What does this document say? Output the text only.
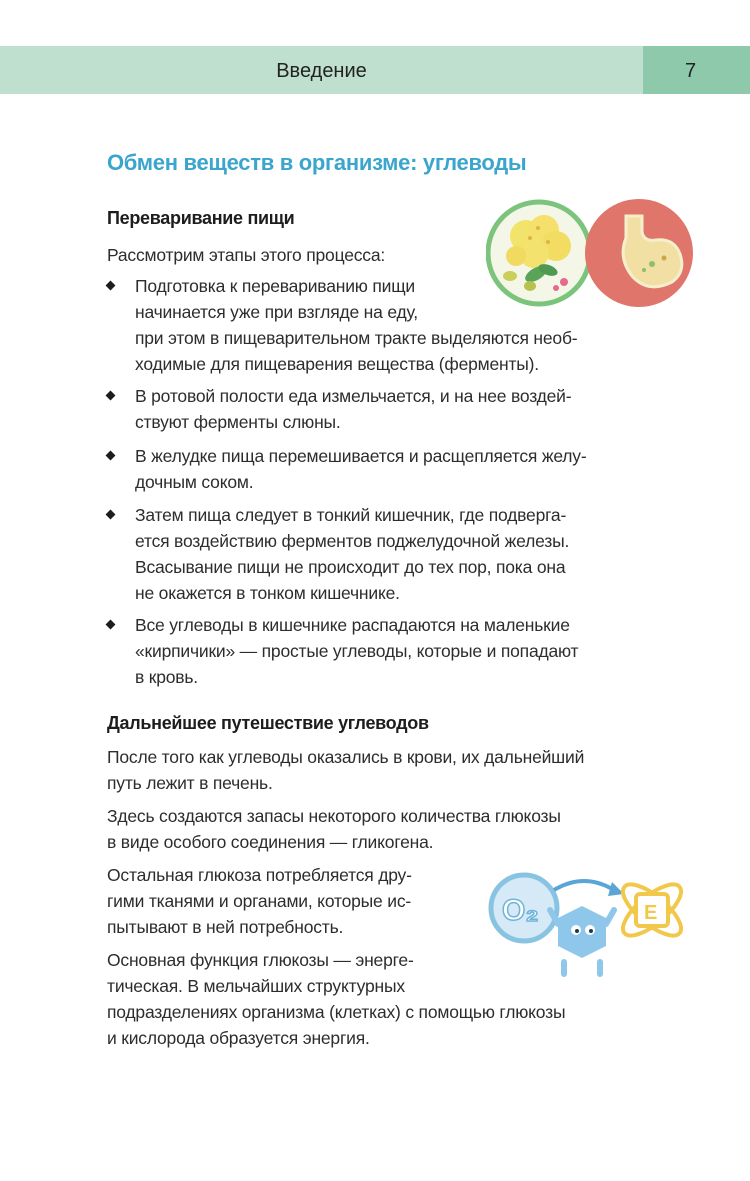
Введение	7
Обмен веществ в организме: углеводы
Переваривание пищи
Рассмотрим этапы этого процесса:
Подготовка к перевариванию пищи
начинается уже при взгляде на еду,
при этом в пищеварительном тракте выделяются необ-
ходимые для пищеварения вещества (ферменты).
В ротовой полости еда измельчается, и на нее воздей-
ствуют ферменты слюны.
В желудке пища перемешивается и расщепляется желу-
дочным соком.
Затем пища следует в тонкий кишечник, где подверга-
ется воздействию ферментов поджелудочной железы.
Всасывание пищи не происходит до тех пор, пока она
не окажется в тонком кишечнике.
Все углеводы в кишечнике распадаются на маленькие
«кирпичики» — простые углеводы, которые и попадают
в кровь.
Дальнейшее путешествие углеводов
После того как углеводы оказались в крови, их дальнейший
путь лежит в печень.
Здесь создаются запасы некоторого количества глюкозы
в виде особого соединения — гликогена.
Остальная глюкоза потребляется дру-
гими тканями и органами, которые ис-
пытывают в ней потребность.
Основная функция глюкозы — энерге-
тическая. В мельчайших структурных
подразделениях организма (клетках) с помощью глюкозы
и кислорода образуется энергия.
O₂	E
